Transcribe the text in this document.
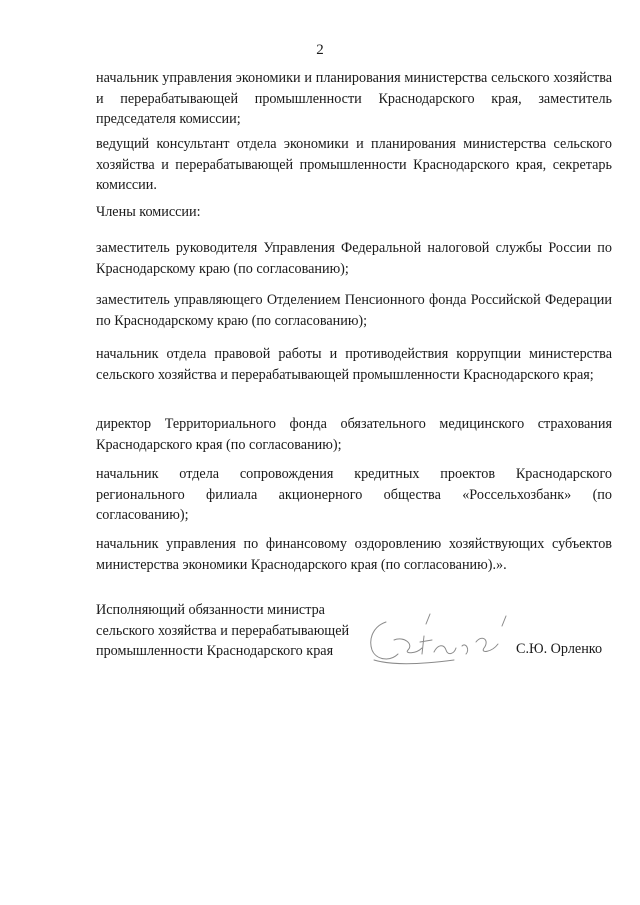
2

начальник управления экономики и планирования министерства сельского хозяйства и перерабатывающей промышленности Краснодарского края, заместитель председателя комиссии;

ведущий консультант отдела экономики и планирования министерства сельского хозяйства и перерабатывающей промышленности Краснодарского края, секретарь комиссии.

Члены комиссии:

заместитель руководителя Управления Федеральной налоговой службы России по Краснодарскому краю (по согласованию);

заместитель управляющего Отделением Пенсионного фонда Российской Федерации по Краснодарскому краю (по согласованию);

начальник отдела правовой работы и противодействия коррупции министерства сельского хозяйства и перерабатывающей промышленности Краснодарского края;

директор Территориального фонда обязательного медицинского страхования Краснодарского края (по согласованию);

начальник отдела сопровождения кредитных проектов Краснодарского регионального филиала акционерного общества «Россельхозбанк» (по согласованию);

начальник управления по финансовому оздоровлению хозяйствующих субъектов министерства экономики Краснодарского края (по согласованию).».

Исполняющий обязанности министра
сельского хозяйства и перерабатывающей
промышленности Краснодарского края	С.Ю. Орленко
